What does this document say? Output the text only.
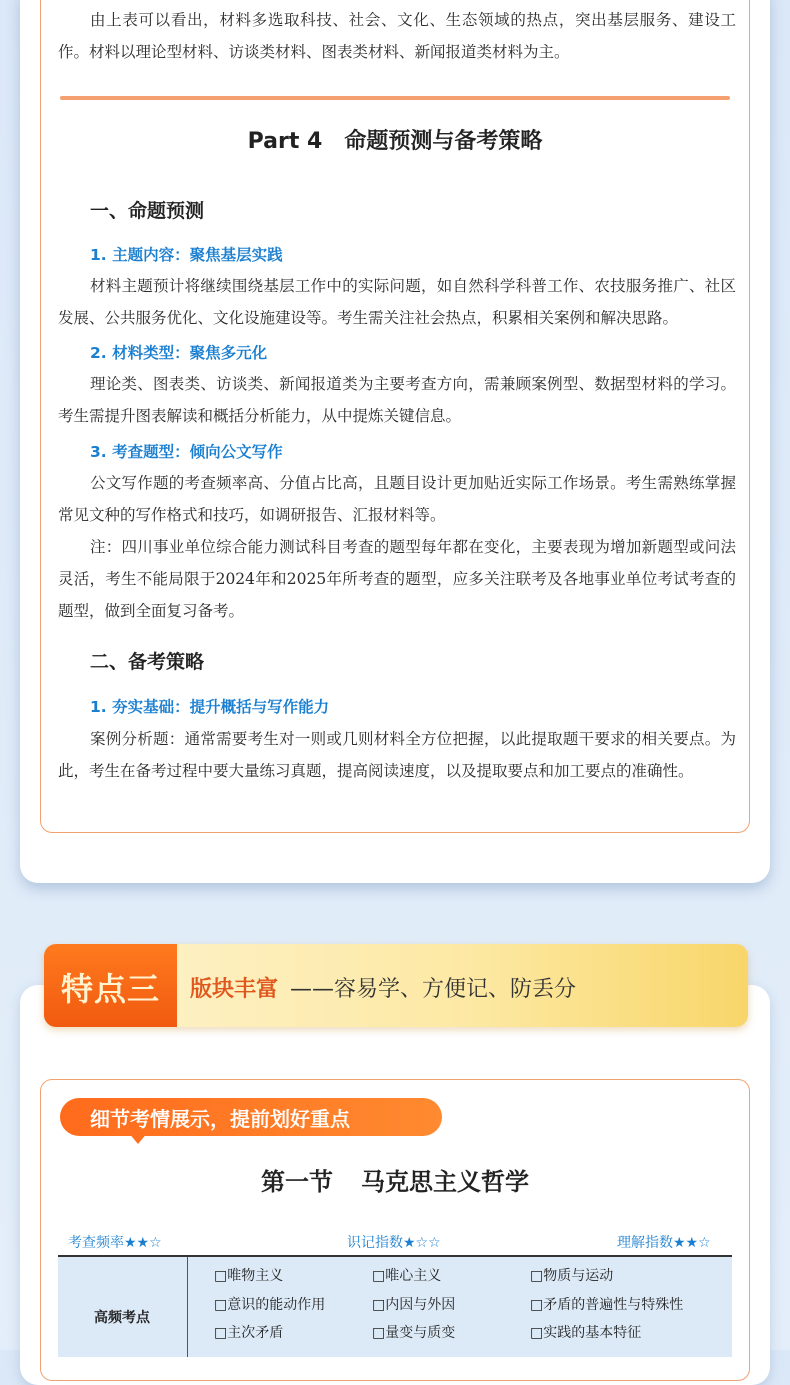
由上表可以看出，材料多选取科技、社会、文化、生态领域的热点，突出基层服务、建设工作。材料以理论型材料、访谈类材料、图表类材料、新闻报道类材料为主。
Part 4 命题预测与备考策略
一、命题预测
1. 主题内容：聚焦基层实践
材料主题预计将继续围绕基层工作中的实际问题，如自然科学科普工作、农技服务推广、社区发展、公共服务优化、文化设施建设等。考生需关注社会热点，积累相关案例和解决思路。
2. 材料类型：聚焦多元化
理论类、图表类、访谈类、新闻报道类为主要考查方向，需兼顾案例型、数据型材料的学习。考生需提升图表解读和概括分析能力，从中提炼关键信息。
3. 考查题型：倾向公文写作
公文写作题的考查频率高、分值占比高，且题目设计更加贴近实际工作场景。考生需熟练掌握常见文种的写作格式和技巧，如调研报告、汇报材料等。
注：四川事业单位综合能力测试科目考查的题型每年都在变化，主要表现为增加新题型或问法灵活，考生不能局限于2024年和2025年所考查的题型，应多关注联考及各地事业单位考试考查的题型，做到全面复习备考。
二、备考策略
1. 夯实基础：提升概括与写作能力
案例分析题：通常需要考生对一则或几则材料全方位把握，以此提取题干要求的相关要点。为此，考生在备考过程中要大量练习真题，提高阅读速度，以及提取要点和加工要点的准确性。
特点三	版块丰富 ——容易学、方便记、防丢分
细节考情展示，提前划好重点
第一节 马克思主义哲学
考查频率★★☆	识记指数★☆☆	理解指数★★☆
高频考点
□唯物主义	□唯心主义	□物质与运动
□意识的能动作用	□内因与外因	□矛盾的普遍性与特殊性
□主次矛盾	□量变与质变	□实践的基本特征
